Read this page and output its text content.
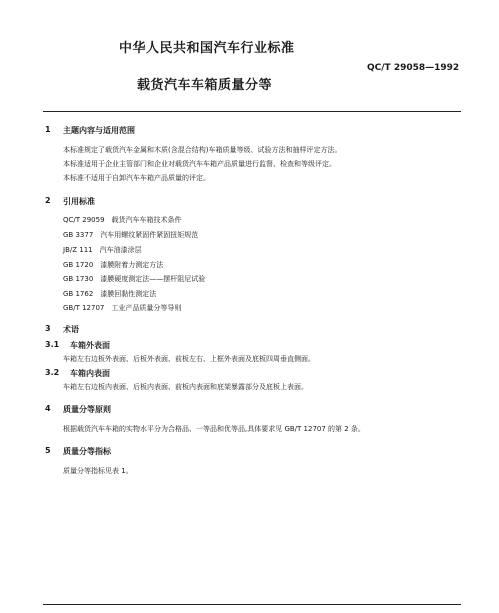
中华人民共和国汽车行业标准
QC/T 29058—1992
载货汽车车箱质量分等
1 主题内容与适用范围
本标准规定了载货汽车金属和木质(含混合结构)车箱质量等级、试验方法和抽样评定方法。
本标准适用于企业主管部门和企业对载货汽车车箱产品质量进行监督、检查和等级评定。
本标准不适用于自卸汽车车箱产品质量的评定。
2 引用标准
QC/T 29059　载货汽车车箱技术条件
GB 3377　汽车用螺纹紧固件紧固扭矩规范
JB/Z 111　汽车油漆涂层
GB 1720　漆膜附着力测定方法
GB 1730　漆膜硬度测定法——摆杆阻尼试验
GB 1762　漆膜回黏性测定法
GB/T 12707　工业产品质量分等导则
3 术语
3.1 车箱外表面
车箱左右边板外表面、后板外表面、前板左右、上框外表面及底板四周垂直侧面。
3.2 车箱内表面
车箱左右边板内表面、后板内表面、前板内表面和底架暴露部分及底板上表面。
4 质量分等原则
根据载货汽车车箱的实物水平分为合格品、一等品和优等品,具体要求见 GB/T 12707 的第 2 条。
5 质量分等指标
质量分等指标见表 1。
